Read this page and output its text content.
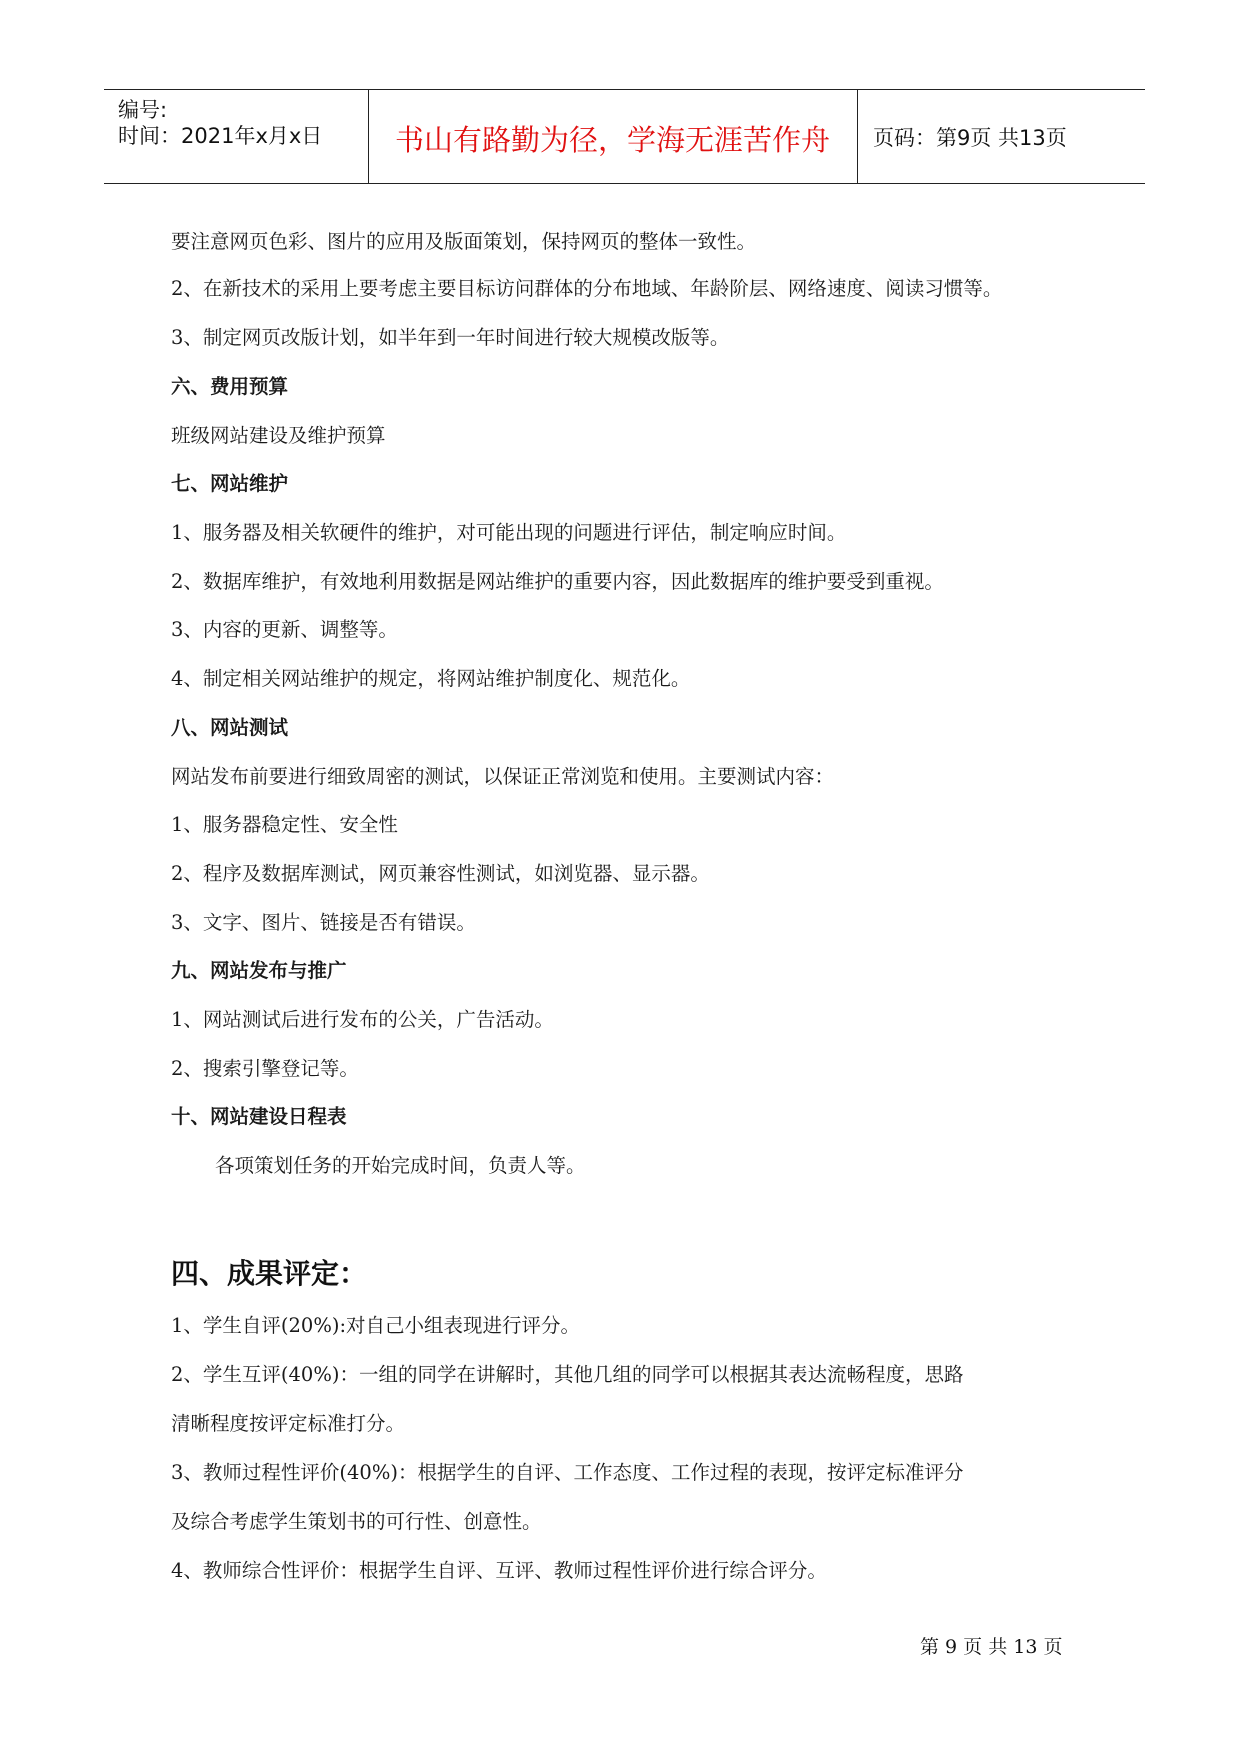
编号:
时间：2021年x月x日	书山有路勤为径，学海无涯苦作舟	页码：第9页 共13页
要注意网页色彩、图片的应用及版面策划，保持网页的整体一致性。
2、在新技术的采用上要考虑主要目标访问群体的分布地域、年龄阶层、网络速度、阅读习惯等。
3、制定网页改版计划，如半年到一年时间进行较大规模改版等。
六、费用预算
班级网站建设及维护预算
七、网站维护
1、服务器及相关软硬件的维护，对可能出现的问题进行评估，制定响应时间。
2、数据库维护，有效地利用数据是网站维护的重要内容，因此数据库的维护要受到重视。
3、内容的更新、调整等。
4、制定相关网站维护的规定，将网站维护制度化、规范化。
八、网站测试
网站发布前要进行细致周密的测试，以保证正常浏览和使用。主要测试内容：
1、服务器稳定性、安全性
2、程序及数据库测试，网页兼容性测试，如浏览器、显示器。
3、文字、图片、链接是否有错误。
九、网站发布与推广
1、网站测试后进行发布的公关，广告活动。
2、搜索引擎登记等。
十、网站建设日程表
各项策划任务的开始完成时间，负责人等。
四、成果评定：
1、学生自评(20%):对自己小组表现进行评分。
2、学生互评(40%)：一组的同学在讲解时，其他几组的同学可以根据其表达流畅程度，思路
清晰程度按评定标准打分。
3、教师过程性评价(40%)：根据学生的自评、工作态度、工作过程的表现，按评定标准评分
及综合考虑学生策划书的可行性、创意性。
4、教师综合性评价：根据学生自评、互评、教师过程性评价进行综合评分。
第 9 页 共 13 页
